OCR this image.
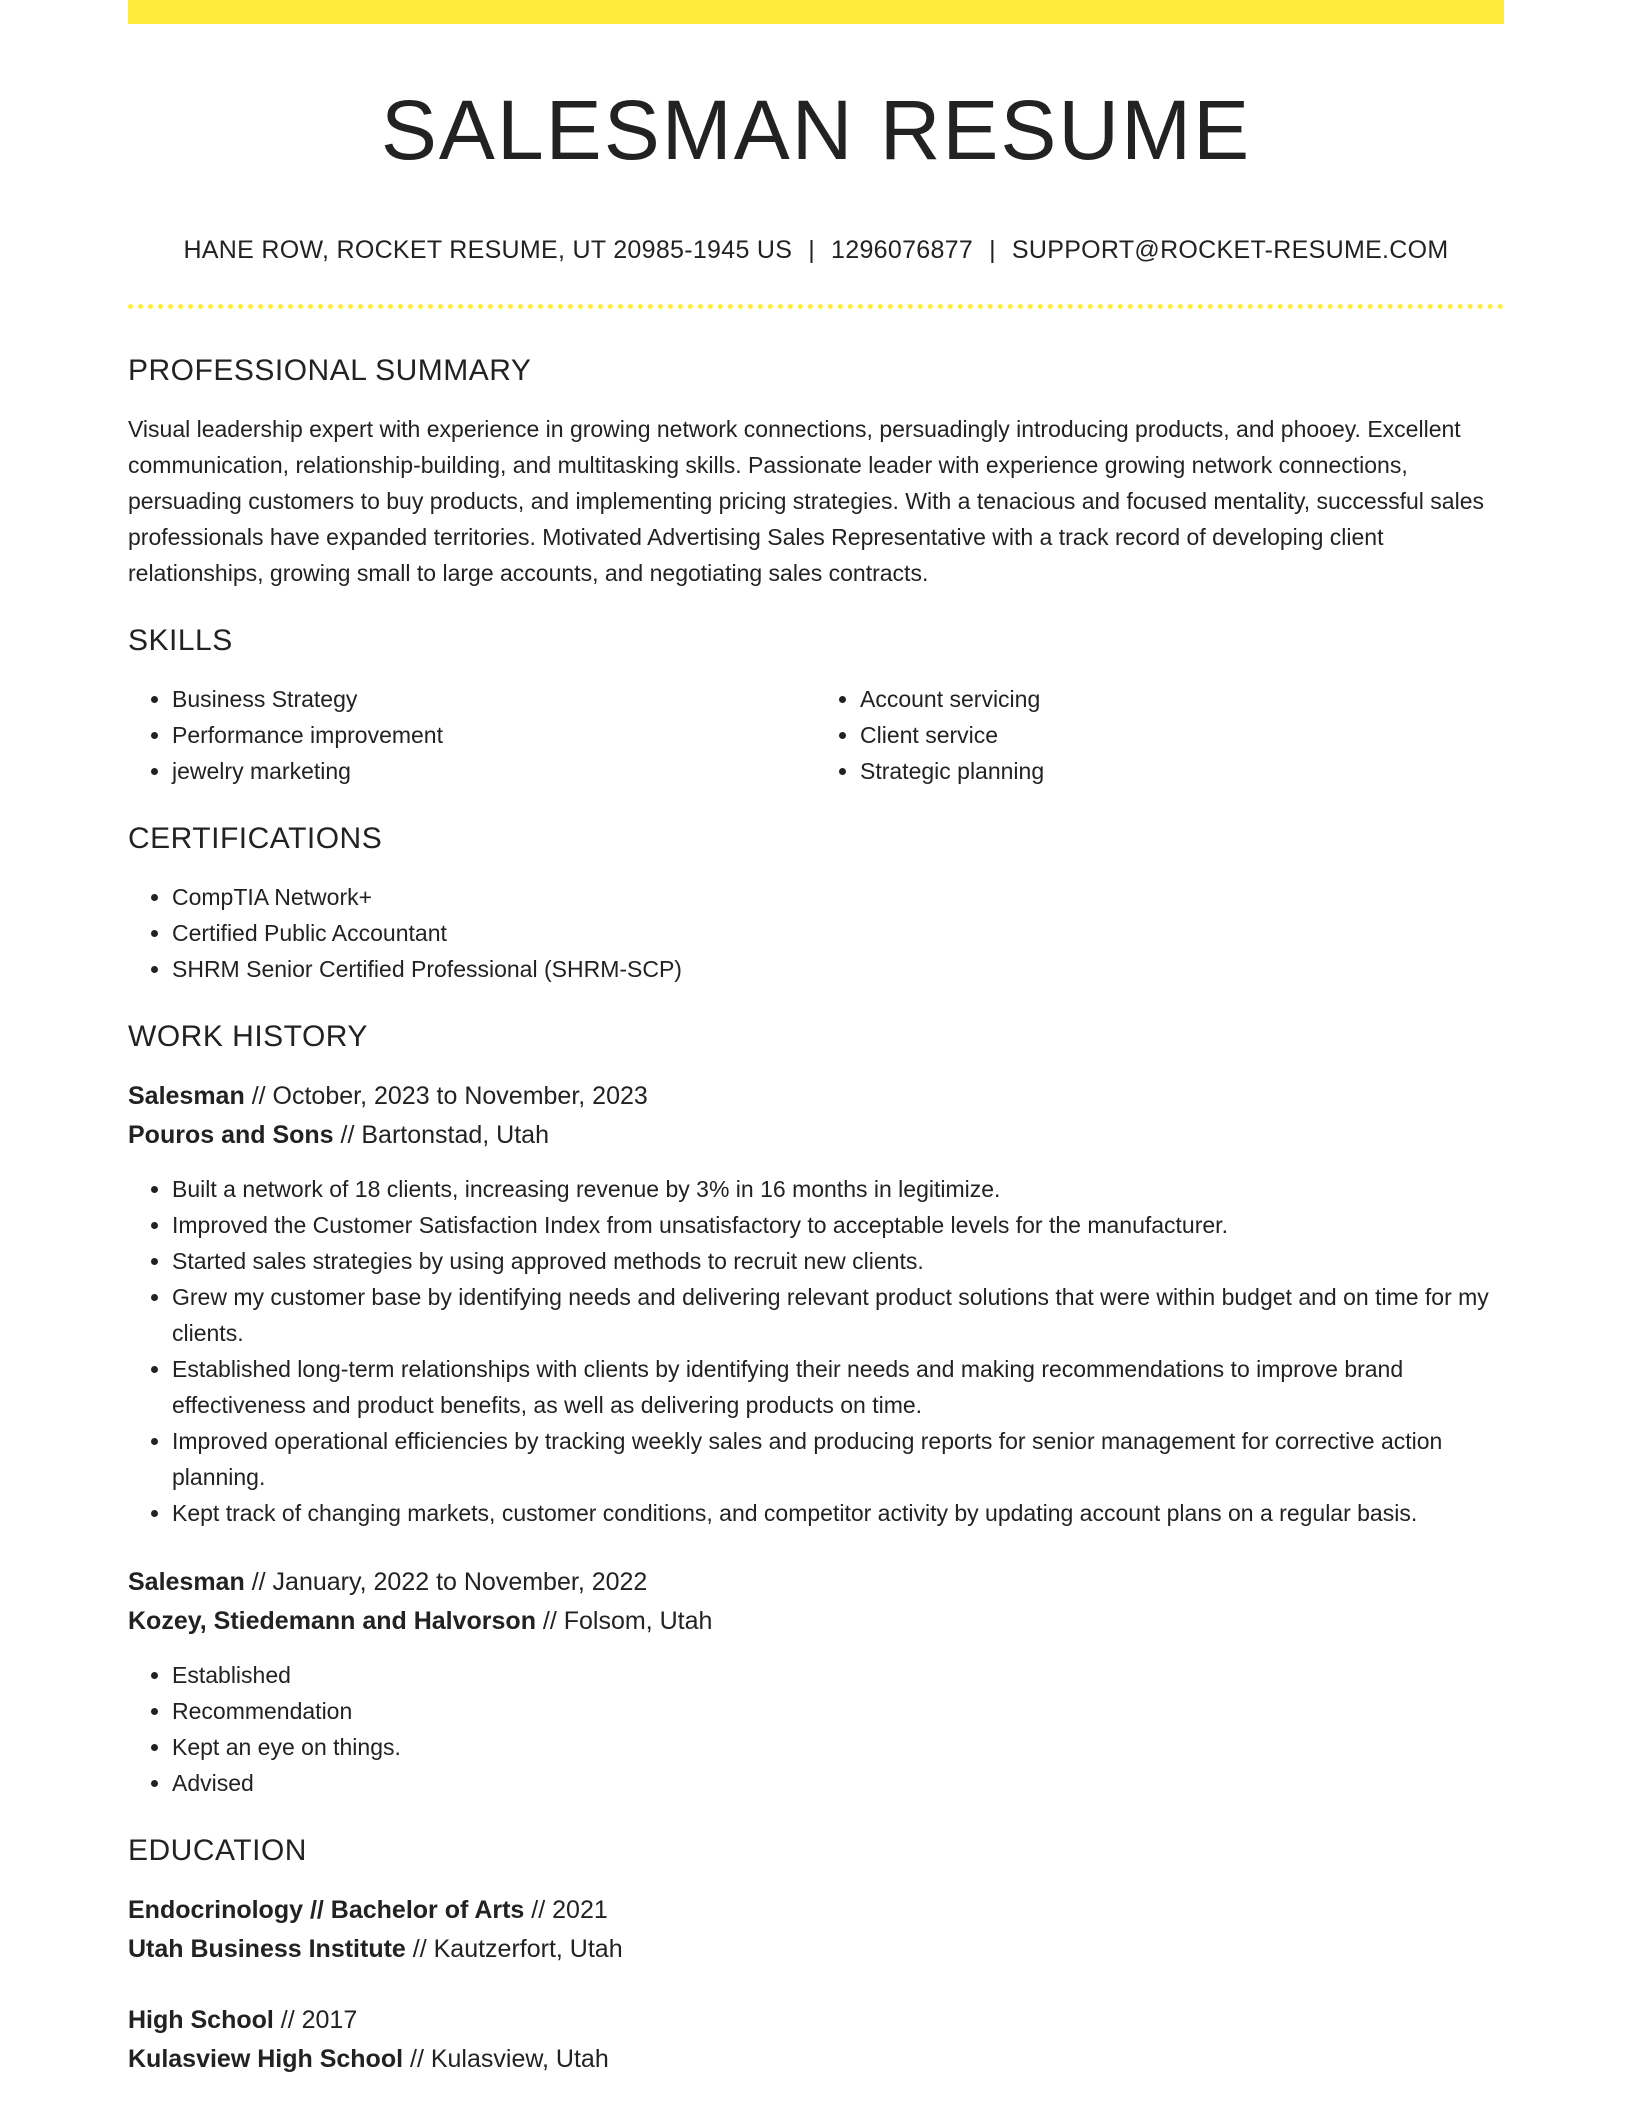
SALESMAN RESUME
HANE ROW, ROCKET RESUME, UT 20985-1945 US | 1296076877 | SUPPORT@ROCKET-RESUME.COM
PROFESSIONAL SUMMARY

Visual leadership expert with experience in growing network connections, persuadingly introducing products, and phooey. Excellent communication, relationship-building, and multitasking skills. Passionate leader with experience growing network connections, persuading customers to buy products, and implementing pricing strategies. With a tenacious and focused mentality, successful sales professionals have expanded territories. Motivated Advertising Sales Representative with a track record of developing client relationships, growing small to large accounts, and negotiating sales contracts.

SKILLS
• Business Strategy
• Performance improvement
• jewelry marketing
• Account servicing
• Client service
• Strategic planning
CERTIFICATIONS
• CompTIA Network+
• Certified Public Accountant
• SHRM Senior Certified Professional (SHRM-SCP)
WORK HISTORY
Salesman // October, 2023 to November, 2023
Pouros and Sons // Bartonstad, Utah
• Built a network of 18 clients, increasing revenue by 3% in 16 months in legitimize.
• Improved the Customer Satisfaction Index from unsatisfactory to acceptable levels for the manufacturer.
• Started sales strategies by using approved methods to recruit new clients.
• Grew my customer base by identifying needs and delivering relevant product solutions that were within budget and on time for my clients.
• Established long-term relationships with clients by identifying their needs and making recommendations to improve brand effectiveness and product benefits, as well as delivering products on time.
• Improved operational efficiencies by tracking weekly sales and producing reports for senior management for corrective action planning.
• Kept track of changing markets, customer conditions, and competitor activity by updating account plans on a regular basis.
Salesman // January, 2022 to November, 2022
Kozey, Stiedemann and Halvorson // Folsom, Utah
• Established
• Recommendation
• Kept an eye on things.
• Advised
EDUCATION
Endocrinology // Bachelor of Arts // 2021
Utah Business Institute // Kautzerfort, Utah
High School // 2017
Kulasview High School // Kulasview, Utah
